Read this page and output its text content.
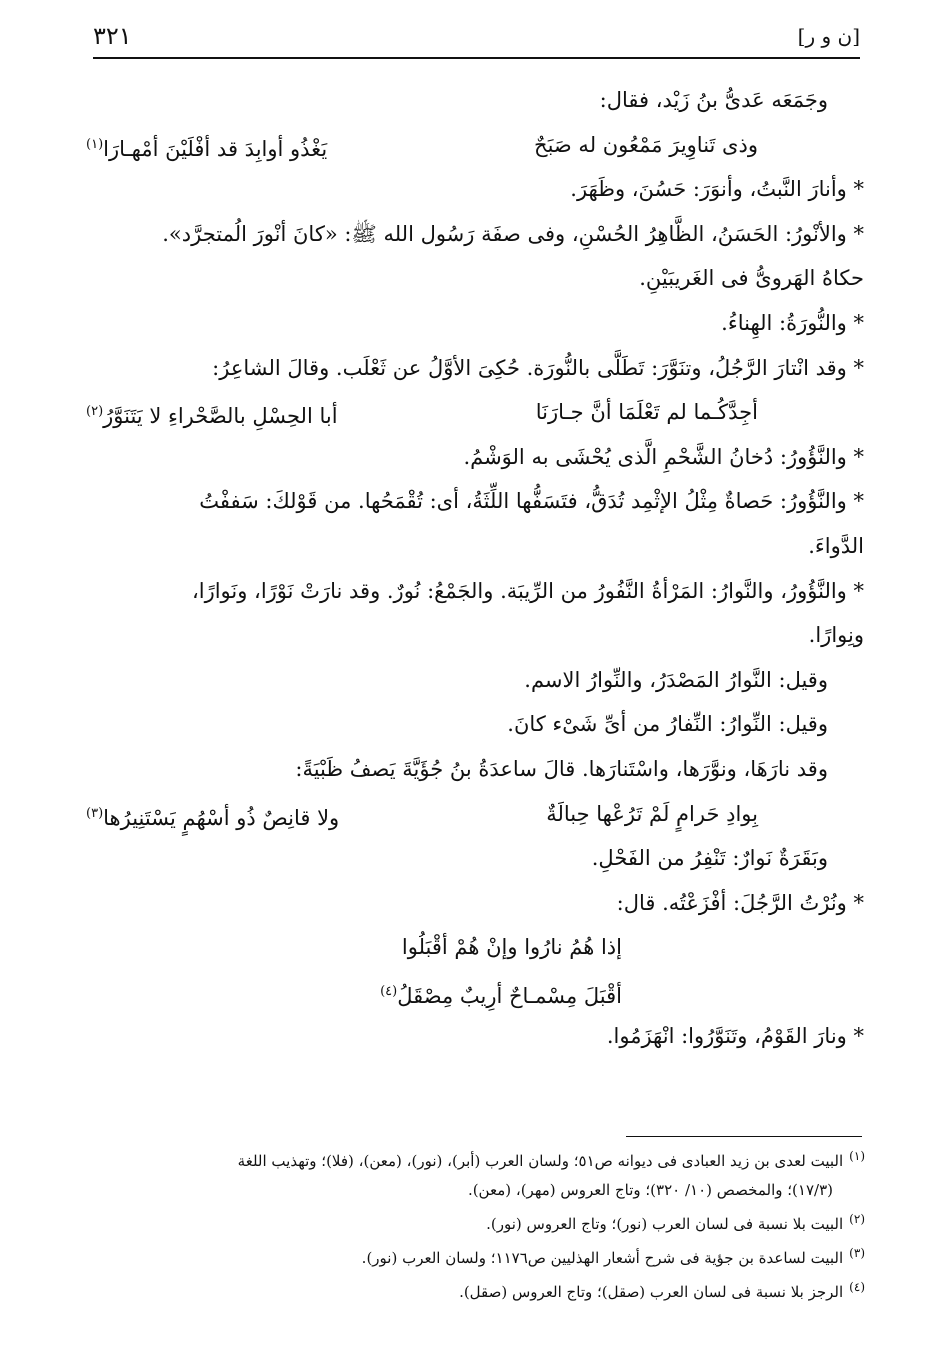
٣٢١	[ن و ر]
وجَمَعَه عَدىُّ بنُ زَيْد، فقال:
وذى تَناوِيرَ مَمْعُون له صَبَحٌ
يَغْذُو أوابِدَ قد أفْلَيْنَ أمْهـارَا$^{(١)}$
* وأنارَ النَّبتُ، وأنوَرَ: حَسُنَ، وظَهَرَ.
* والأنْورُ: الحَسَنُ، الظَّاهِرُ الحُسْنِ، وفى صفَة رَسُول الله ﷺ: «كانَ أنْورَ الُمتجرَّد».
حكاهُ الهَروىُّ فى الغَريبَيْنِ.
* والنُّورَةُ: الهِناءُ.
* وقد انْتارَ الرَّجُلُ، وتنَوَّرَ: تَطَلَّى بالنُّورَة. حُكِىَ الأوَّلُ عن ثَعْلَب. وقالَ الشاعِرُ:
أجِدَّكُـما لم تَعْلَمَا أنَّ جـارَنَا
أبا الحِسْلِ بالصَّحْراءِ لا يَتَنَوَّرُ$^{(٢)}$
* والنَّؤُورُ: دُخانُ الشَّحْمِ الَّذى يُحْشَى به الوَشْمُ.
* والنَّؤُورُ: حَصاةٌ مِثْلُ الإثْمِد تُدَقُّ، فتَسَفُّها اللِّثَةُ، أى: تُقْمَحُها. من قَوْلكَ: سَففْتُ
الدَّواءَ.
* والنَّؤُورُ، والنَّوارُ: المَرْأةُ النَّفُورُ من الرِّيبَة. والجَمْعُ: نُورٌ. وقد نارَتْ نَوْرًا، ونَوارًا،
ونِوارًا.
وقيل: النَّوارُ المَصْدَرُ، والنِّوارُ الاسم.
وقيل: النِّوارُ: النِّفارُ من أىِّ شَىْء كانَ.
وقد نارَهَا، ونوَّرَها، واسْتَنارَها. قالَ ساعدَةُ بنُ جُؤَيَّةَ يَصفُ ظَبْيَةً:
بِوادِ حَرامٍ لَمْ تَرُعْها حِبالَةٌ
ولا قانِصٌ ذُو أسْهُمٍ يَسْتَنِيرُها$^{(٣)}$
وبَقَرَةٌ نَوارٌ: تَنْفِرُ من الفَحْلِ.
* ونُرْتُ الرَّجُلَ: أفْزَعْتُه. قال:
إذا هُمُ نارُوا وإنْ هُمْ أقْبَلُوا
أقْبَلَ مِسْمـاحٌ أرِيبٌ مِصْقَلُ$^{(٤)}$
* ونارَ القَوْمُ، وتَنَوَّرُوا: انْهَزَمُوا.
$^{(١)}$البيت لعدى بن زيد العبادى فى ديوانه ص٥١؛ ولسان العرب (أبر)، (نور)، (معن)، (فلا)؛ وتهذيب اللغة
(١٧/٣)؛ والمخصص (١٠/ ٣٢٠)؛ وتاج العروس (مهر)، (معن).
$^{(٢)}$البيت بلا نسبة فى لسان العرب (نور)؛ وتاج العروس (نور).
$^{(٣)}$البيت لساعدة بن جؤية فى شرح أشعار الهذليين ص١١٧٦؛ ولسان العرب (نور).
$^{(٤)}$الرجز بلا نسبة فى لسان العرب (صقل)؛ وتاج العروس (صقل).
